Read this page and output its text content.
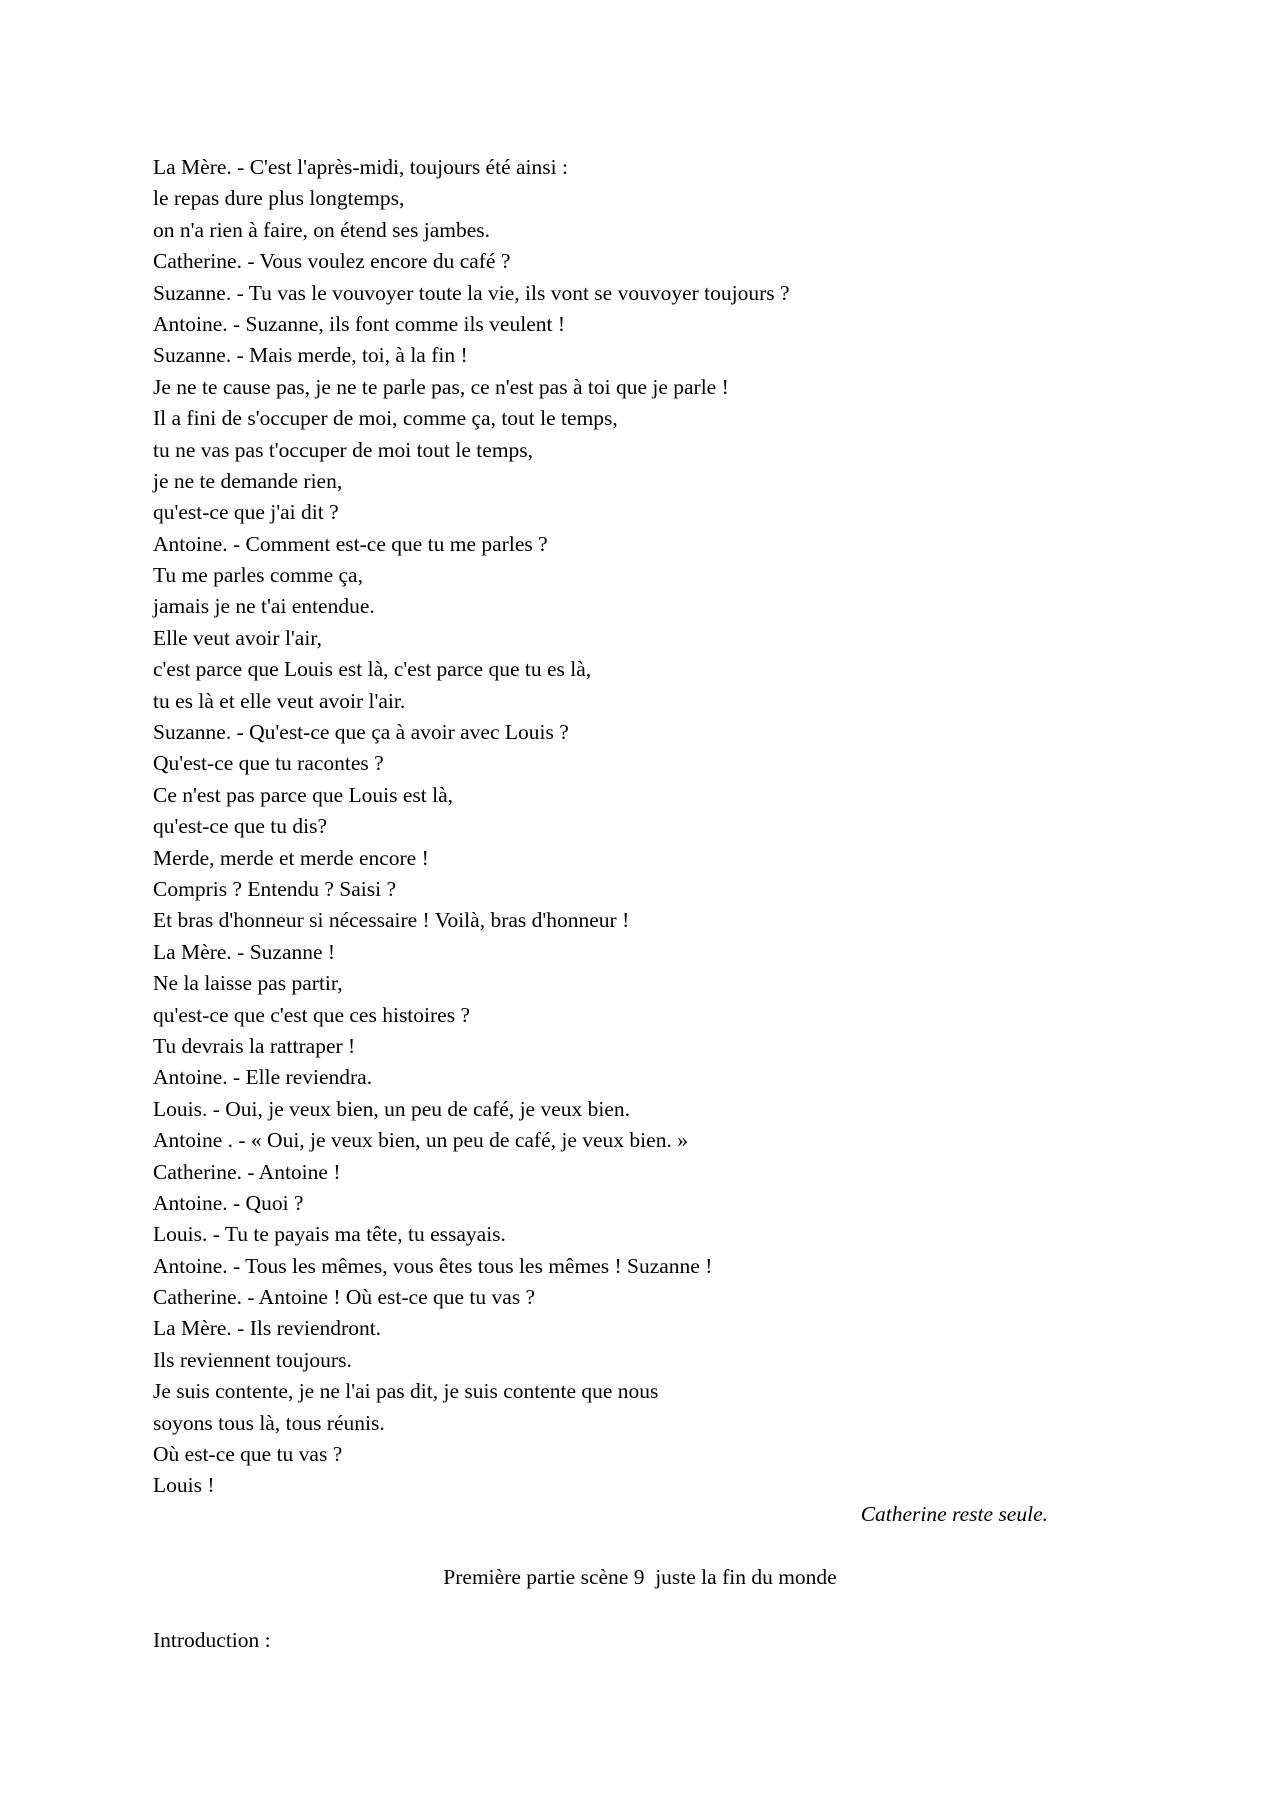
La Mère. - C'est l'après-midi, toujours été ainsi :
le repas dure plus longtemps,
on n'a rien à faire, on étend ses jambes.
Catherine. - Vous voulez encore du café ?
Suzanne. - Tu vas le vouvoyer toute la vie, ils vont se vouvoyer toujours ?
Antoine. - Suzanne, ils font comme ils veulent !
Suzanne. - Mais merde, toi, à la fin !
Je ne te cause pas, je ne te parle pas, ce n'est pas à toi que je parle !
Il a fini de s'occuper de moi, comme ça, tout le temps,
tu ne vas pas t'occuper de moi tout le temps,
je ne te demande rien,
qu'est-ce que j'ai dit ?
Antoine. - Comment est-ce que tu me parles ?
Tu me parles comme ça,
jamais je ne t'ai entendue.
Elle veut avoir l'air,
c'est parce que Louis est là, c'est parce que tu es là,
tu es là et elle veut avoir l'air.
Suzanne. - Qu'est-ce que ça à avoir avec Louis ?
Qu'est-ce que tu racontes ?
Ce n'est pas parce que Louis est là,
qu'est-ce que tu dis?
Merde, merde et merde encore !
Compris ? Entendu ? Saisi ?
Et bras d'honneur si nécessaire ! Voilà, bras d'honneur !
La Mère. - Suzanne !
Ne la laisse pas partir,
qu'est-ce que c'est que ces histoires ?
Tu devrais la rattraper !
Antoine. - Elle reviendra.
Louis. - Oui, je veux bien, un peu de café, je veux bien.
Antoine . - « Oui, je veux bien, un peu de café, je veux bien. »
Catherine. - Antoine !
Antoine. - Quoi ?
Louis. - Tu te payais ma tête, tu essayais.
Antoine. - Tous les mêmes, vous êtes tous les mêmes ! Suzanne !
Catherine. - Antoine ! Où est-ce que tu vas ?
La Mère. - Ils reviendront.
Ils reviennent toujours.
Je suis contente, je ne l'ai pas dit, je suis contente que nous
soyons tous là, tous réunis.
Où est-ce que tu vas ?
Louis !
Catherine reste seule.
Première partie scène 9  juste la fin du monde
Introduction :
